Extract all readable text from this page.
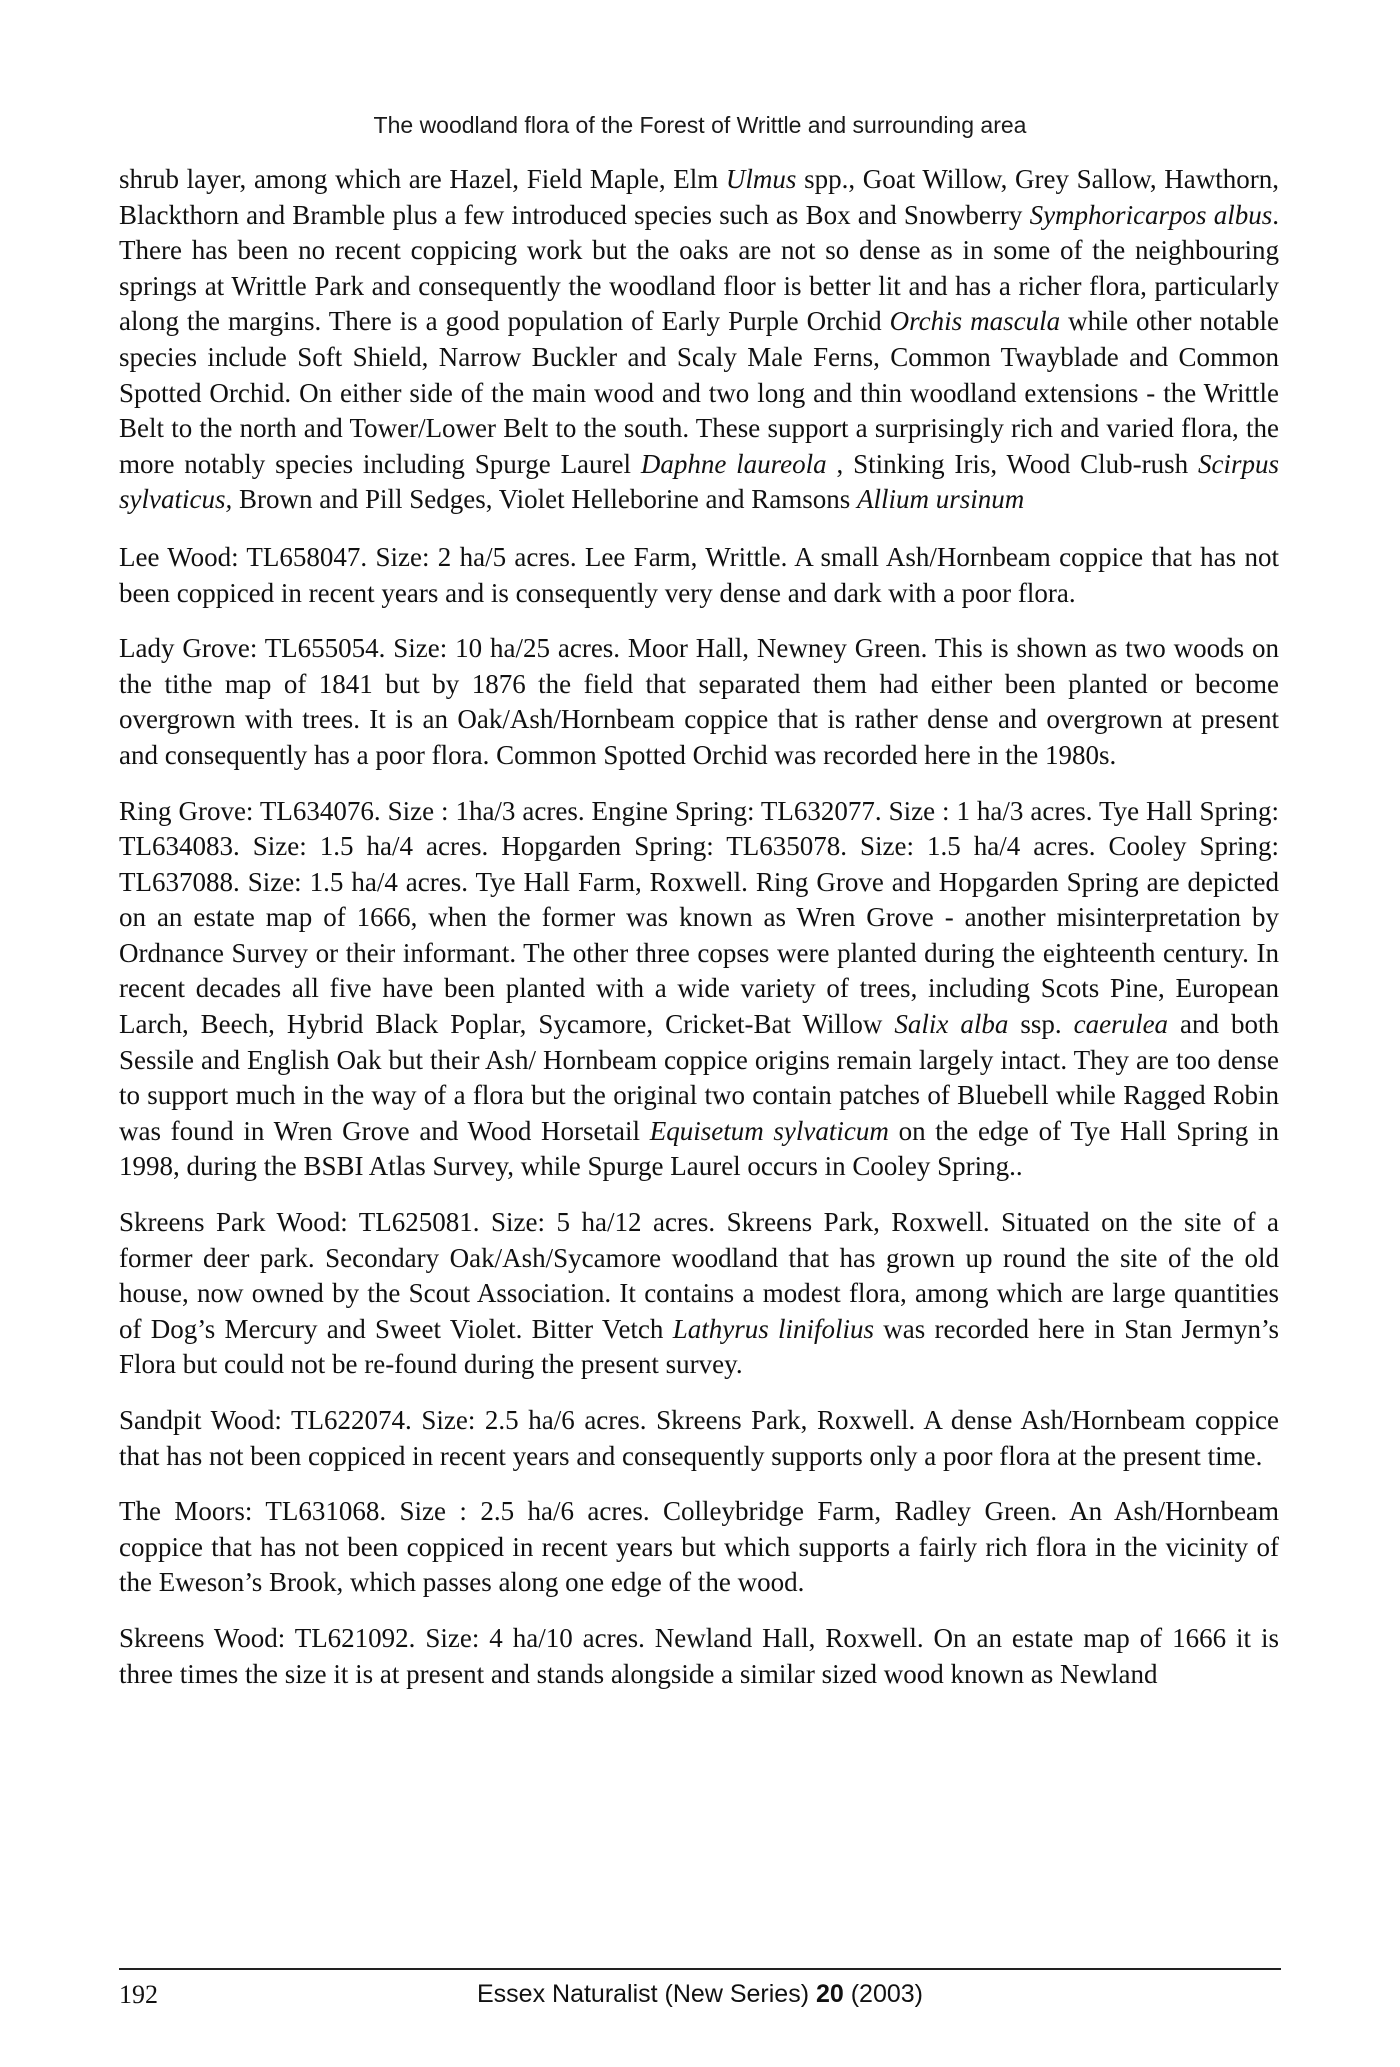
The woodland flora of the Forest of Writtle and surrounding area

shrub layer, among which are Hazel, Field Maple, Elm Ulmus spp., Goat Willow, Grey Sallow, Hawthorn, Blackthorn and Bramble plus a few introduced species such as Box and Snowberry Symphoricarpos albus. There has been no recent coppicing work but the oaks are not so dense as in some of the neighbouring springs at Writtle Park and consequently the woodland floor is better lit and has a richer flora, particularly along the margins. There is a good population of Early Purple Orchid Orchis mascula while other notable species include Soft Shield, Narrow Buckler and Scaly Male Ferns, Common Twayblade and Common Spotted Orchid. On either side of the main wood and two long and thin woodland extensions - the Writtle Belt to the north and Tower/Lower Belt to the south. These support a surprisingly rich and varied flora, the more notably species including Spurge Laurel Daphne laureola , Stinking Iris, Wood Club-rush Scirpus sylvaticus, Brown and Pill Sedges, Violet Helleborine and Ramsons Allium ursinum

Lee Wood: TL658047. Size: 2 ha/5 acres. Lee Farm, Writtle. A small Ash/Hornbeam coppice that has not been coppiced in recent years and is consequently very dense and dark with a poor flora.

Lady Grove: TL655054. Size: 10 ha/25 acres. Moor Hall, Newney Green. This is shown as two woods on the tithe map of 1841 but by 1876 the field that separated them had either been planted or become overgrown with trees. It is an Oak/Ash/Hornbeam coppice that is rather dense and overgrown at present and consequently has a poor flora. Common Spotted Orchid was recorded here in the 1980s.

Ring Grove: TL634076. Size : 1ha/3 acres. Engine Spring: TL632077. Size : 1 ha/3 acres. Tye Hall Spring: TL634083. Size: 1.5 ha/4 acres. Hopgarden Spring: TL635078. Size: 1.5 ha/4 acres. Cooley Spring: TL637088. Size: 1.5 ha/4 acres. Tye Hall Farm, Roxwell. Ring Grove and Hopgarden Spring are depicted on an estate map of 1666, when the former was known as Wren Grove - another misinterpretation by Ordnance Survey or their informant. The other three copses were planted during the eighteenth century. In recent decades all five have been planted with a wide variety of trees, including Scots Pine, European Larch, Beech, Hybrid Black Poplar, Sycamore, Cricket-Bat Willow Salix alba ssp. caerulea and both Sessile and English Oak but their Ash/ Hornbeam coppice origins remain largely intact. They are too dense to support much in the way of a flora but the original two contain patches of Bluebell while Ragged Robin was found in Wren Grove and Wood Horsetail Equisetum sylvaticum on the edge of Tye Hall Spring in 1998, during the BSBI Atlas Survey, while Spurge Laurel occurs in Cooley Spring..

Skreens Park Wood: TL625081. Size: 5 ha/12 acres. Skreens Park, Roxwell. Situated on the site of a former deer park. Secondary Oak/Ash/Sycamore woodland that has grown up round the site of the old house, now owned by the Scout Association. It contains a modest flora, among which are large quantities of Dog’s Mercury and Sweet Violet. Bitter Vetch Lathyrus linifolius was recorded here in Stan Jermyn’s Flora but could not be re-found during the present survey.

Sandpit Wood: TL622074. Size: 2.5 ha/6 acres. Skreens Park, Roxwell. A dense Ash/Hornbeam coppice that has not been coppiced in recent years and consequently supports only a poor flora at the present time.

The Moors: TL631068. Size : 2.5 ha/6 acres. Colleybridge Farm, Radley Green. An Ash/Hornbeam coppice that has not been coppiced in recent years but which supports a fairly rich flora in the vicinity of the Eweson’s Brook, which passes along one edge of the wood.

Skreens Wood: TL621092. Size: 4 ha/10 acres. Newland Hall, Roxwell. On an estate map of 1666 it is three times the size it is at present and stands alongside a similar sized wood known as Newland

192	Essex Naturalist (New Series) 20 (2003)
